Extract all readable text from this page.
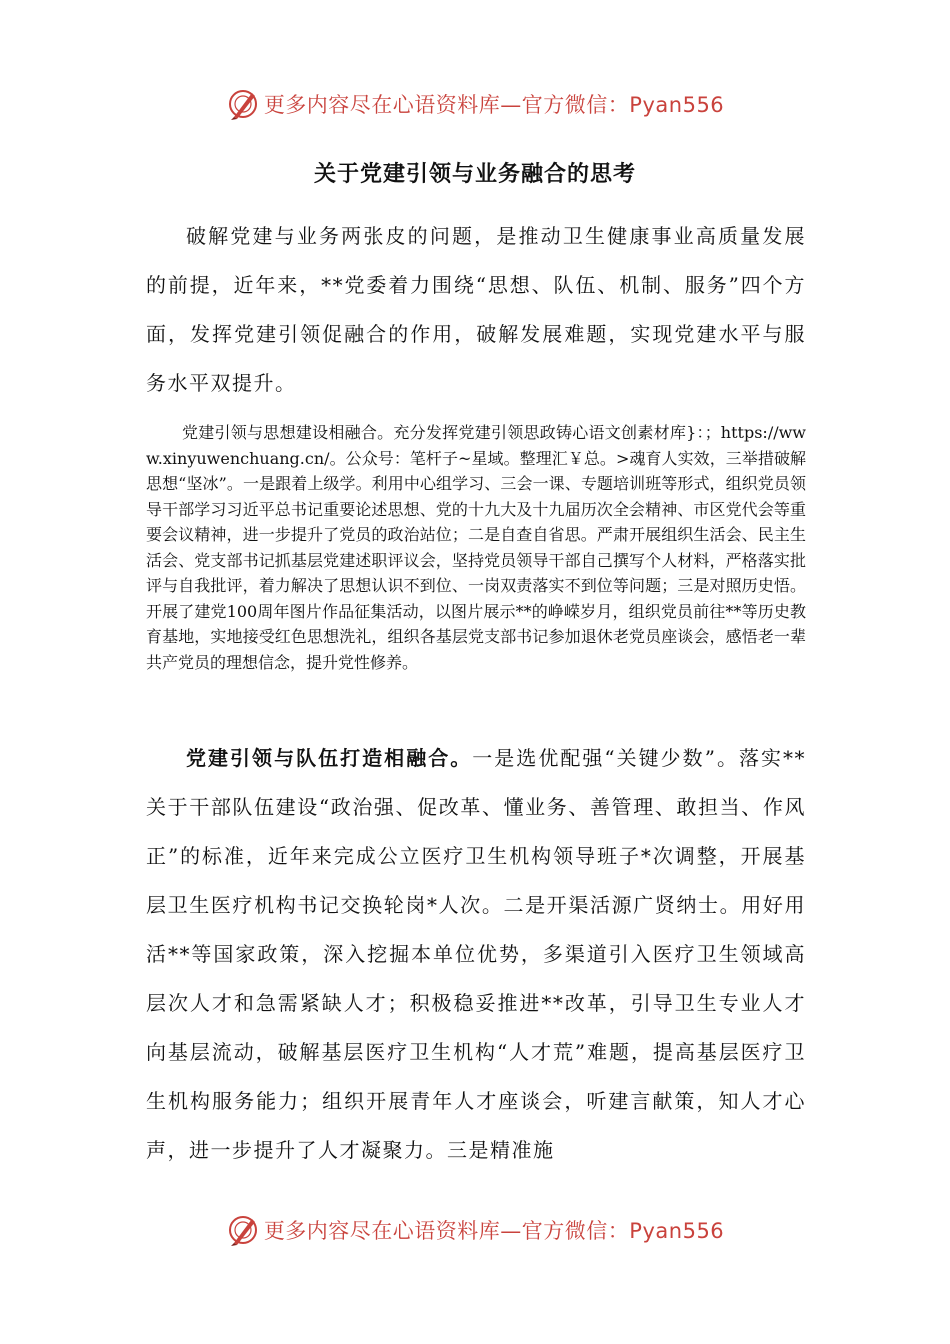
更多内容尽在心语资料库—官方微信：Pyan556
关于党建引领与业务融合的思考

破解党建与业务两张皮的问题，是推动卫生健康事业高质量发展的前提，近年来，**党委着力围绕“思想、队伍、机制、服务”四个方面，发挥党建引领促融合的作用，破解发展难题，实现党建水平与服务水平双提升。

党建引领与思想建设相融合。充分发挥党建引领思政铸心语文创素材库}：；https://www.xinyuwenchuang.cn/。公众号：笔杆子~星域。整理汇￥总。>魂育人实效，三举措破解思想“坚冰”。一是跟着上级学。利用中心组学习、三会一课、专题培训班等形式，组织党员领导干部学习习近平总书记重要论述思想、党的十九大及十九届历次全会精神、市区党代会等重要会议精神，进一步提升了党员的政治站位；二是自查自省思。严肃开展组织生活会、民主生活会、党支部书记抓基层党建述职评议会，坚持党员领导干部自己撰写个人材料，严格落实批评与自我批评，着力解决了思想认识不到位、一岗双责落实不到位等问题；三是对照历史悟。开展了建党100周年图片作品征集活动，以图片展示**的峥嵘岁月，组织党员前往**等历史教育基地，实地接受红色思想洗礼，组织各基层党支部书记参加退休老党员座谈会，感悟老一辈共产党员的理想信念，提升党性修养。

党建引领与队伍打造相融合。一是选优配强“关键少数”。落实**关于干部队伍建设“政治强、促改革、懂业务、善管理、敢担当、作风正”的标准，近年来完成公立医疗卫生机构领导班子*次调整，开展基层卫生医疗机构书记交换轮岗*人次。二是开渠活源广贤纳士。用好用活**等国家政策，深入挖掘本单位优势，多渠道引入医疗卫生领域高层次人才和急需紧缺人才；积极稳妥推进**改革，引导卫生专业人才向基层流动，破解基层医疗卫生机构“人才荒”难题，提高基层医疗卫生机构服务能力；组织开展青年人才座谈会，听建言献策，知人才心声，进一步提升了人才凝聚力。三是精准施

更多内容尽在心语资料库—官方微信：Pyan556
